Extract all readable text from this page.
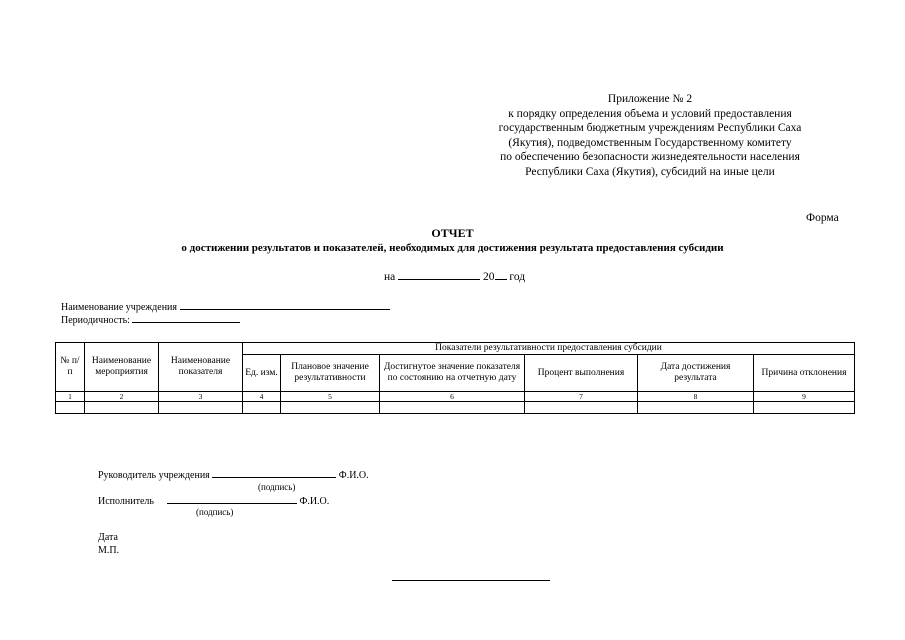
Приложение № 2
к порядку определения объема и условий предоставления
государственным бюджетным учреждениям Республики Саха
(Якутия), подведомственным Государственному комитету
по обеспечению безопасности жизнедеятельности населения
Республики Саха (Якутия), субсидий на иные цели
Форма
ОТЧЕТ
о достижении результатов и показателей, необходимых для достижения результата предоставления субсидии
на	20 год
Наименование учреждения
Периодичность:
№ п/п	Наименование мероприятия	Наименование показателя	Показатели результативности предоставления субсидии					
			Ед. изм.	Плановое значение результативности	Достигнутое значение показателя по состоянию на отчетную дату	Процент выполнения	Дата достижения результата	Причина отклонения
1	2	3	4	5	6	7	8	9

Руководитель учреждения	Ф.И.О.
(подпись)
Исполнитель	Ф.И.О.
(подпись)
Дата
М.П.
